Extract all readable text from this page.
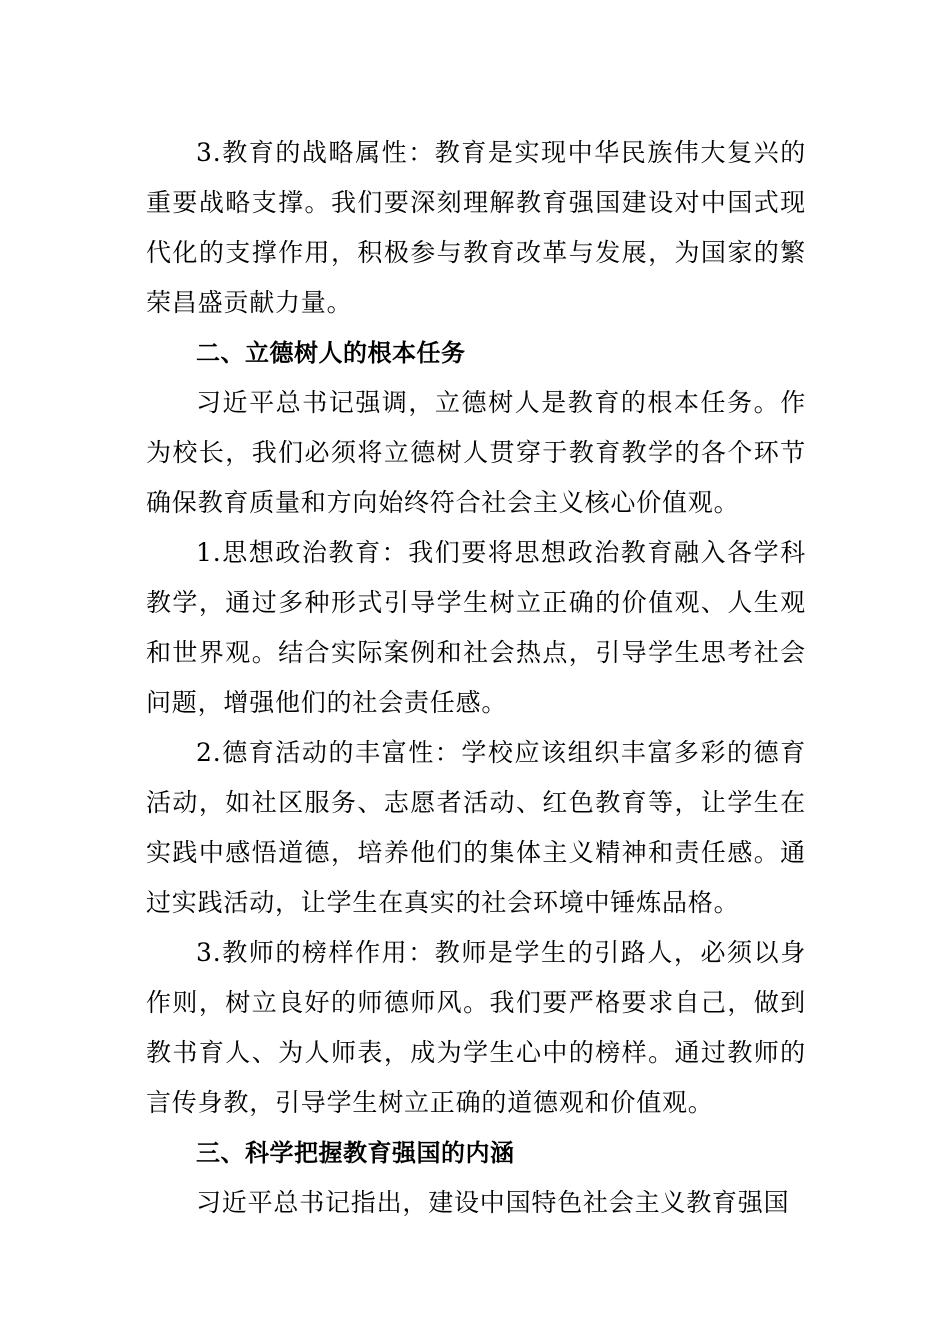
3.教育的战略属性：教育是实现中华民族伟大复兴的重要战略支撑。我们要深刻理解教育强国建设对中国式现代化的支撑作用，积极参与教育改革与发展，为国家的繁荣昌盛贡献力量。

二、立德树人的根本任务

习近平总书记强调，立德树人是教育的根本任务。作为校长，我们必须将立德树人贯穿于教育教学的各个环节确保教育质量和方向始终符合社会主义核心价值观。

1.思想政治教育：我们要将思想政治教育融入各学科教学，通过多种形式引导学生树立正确的价值观、人生观和世界观。结合实际案例和社会热点，引导学生思考社会问题，增强他们的社会责任感。

2.德育活动的丰富性：学校应该组织丰富多彩的德育活动，如社区服务、志愿者活动、红色教育等，让学生在实践中感悟道德，培养他们的集体主义精神和责任感。通过实践活动，让学生在真实的社会环境中锤炼品格。

3.教师的榜样作用：教师是学生的引路人，必须以身作则，树立良好的师德师风。我们要严格要求自己，做到教书育人、为人师表，成为学生心中的榜样。通过教师的言传身教，引导学生树立正确的道德观和价值观。

三、科学把握教育强国的内涵

习近平总书记指出，建设中国特色社会主义教育强国
